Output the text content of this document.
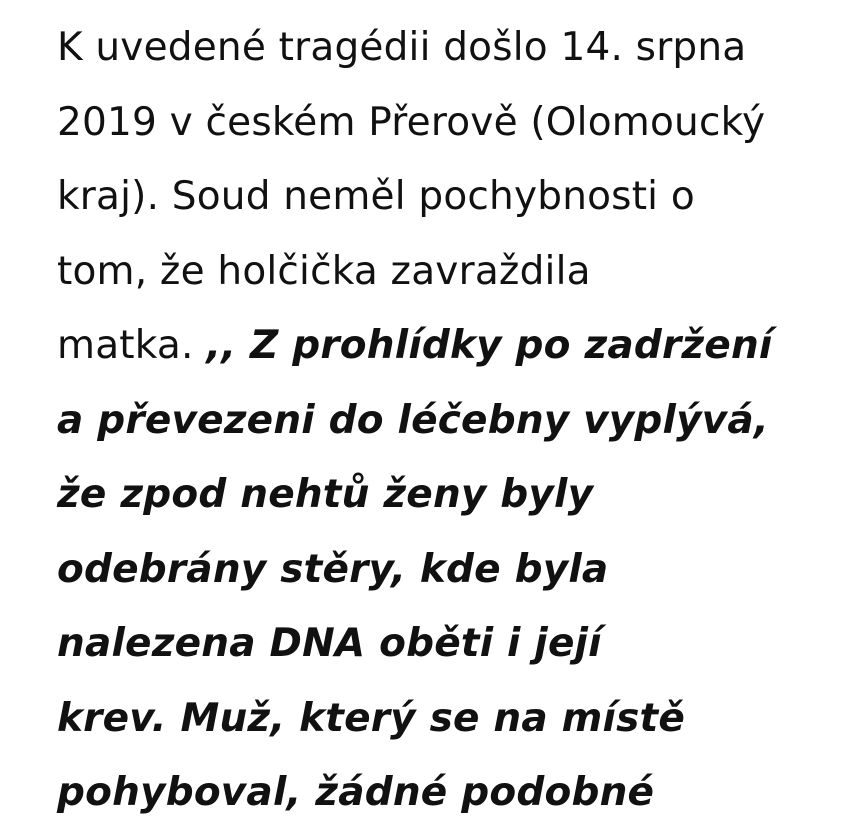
K uvedené tragédii došlo 14. srpna
2019 v českém Přerově (Olomoucký
kraj). Soud neměl pochybnosti o
tom, že holčička zavraždila
matka. ,, Z prohlídky po zadržení
a převezeni do léčebny vyplývá,
že zpod nehtů ženy byly
odebrány stěry, kde byla
nalezena DNA oběti i její
krev. Muž, který se na místě
pohyboval, žádné podobné
